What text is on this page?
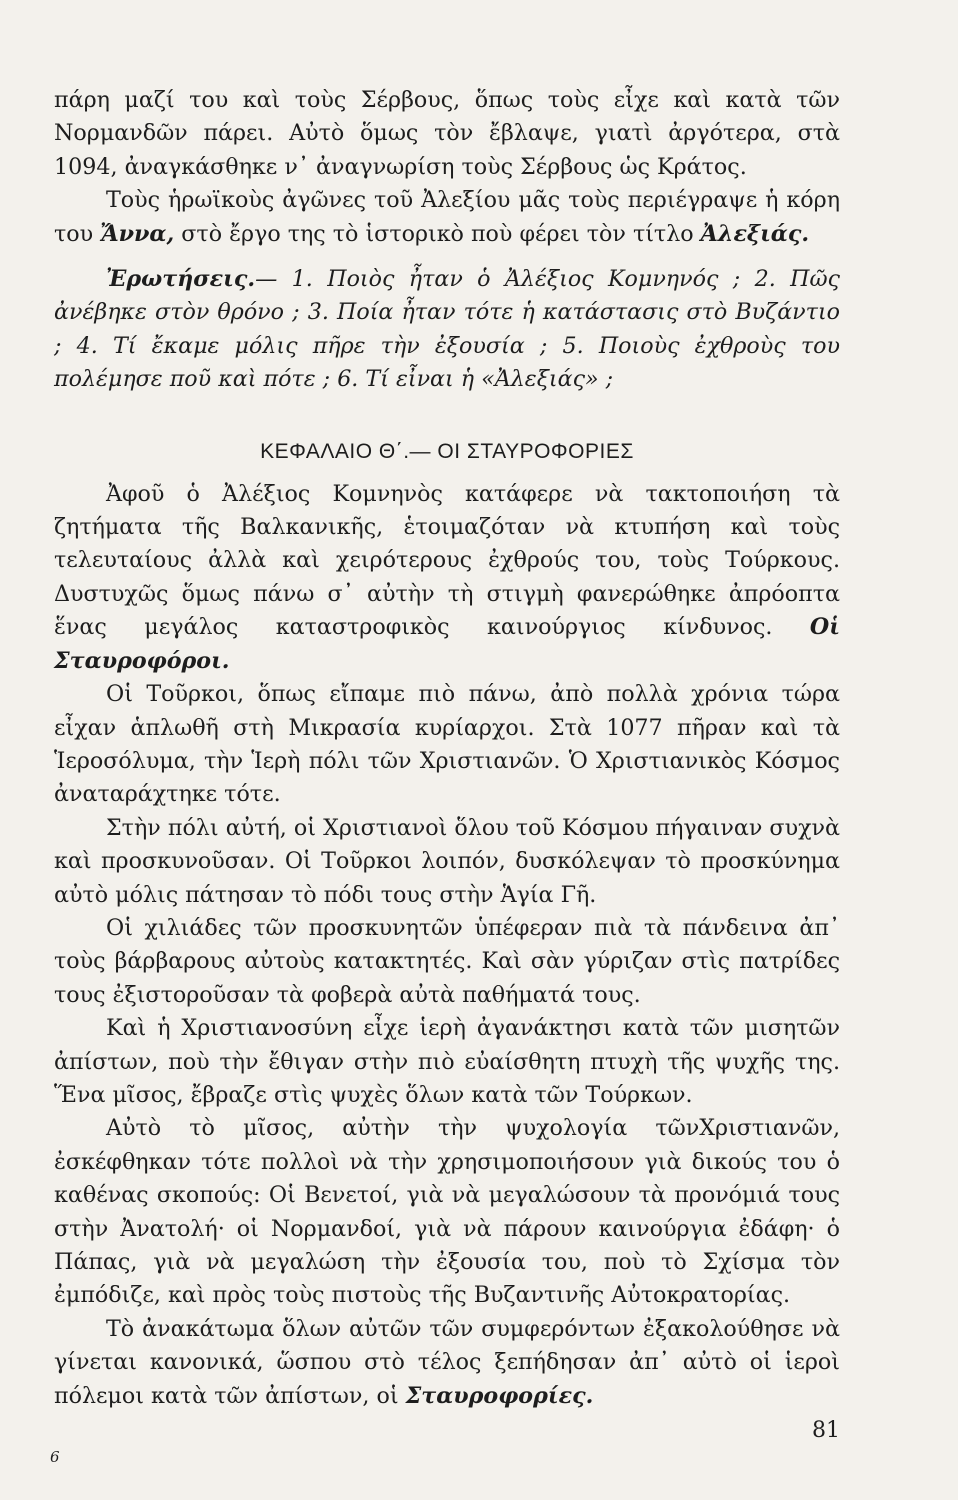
πάρη μαζί του καὶ τοὺς Σέρβους, ὅπως τοὺς εἶχε καὶ κατὰ τῶν Νορμανδῶν πάρει. Αὐτὸ ὅμως τὸν ἔβλαψε, γιατὶ ἀργότερα, στὰ 1094, ἀναγκάσθηκε ν᾽ ἀναγνωρίση τοὺς Σέρβους ὡς Κράτος.

Τοὺς ἡρωϊκοὺς ἀγῶνες τοῦ Ἀλεξίου μᾶς τοὺς περιέγραψε ἡ κόρη του Ἄννα, στὸ ἔργο της τὸ ἱστορικὸ ποὺ φέρει τὸν τίτλο Ἀλεξιάς.

Ἐρωτήσεις.— 1. Ποιὸς ἦταν ὁ Ἀλέξιος Κομνηνός ; 2. Πῶς ἀνέβηκε στὸν θρόνο ; 3. Ποία ἦταν τότε ἡ κατάστασις στὸ Βυζάντιο ; 4. Τί ἔκαμε μόλις πῆρε τὴν ἐξουσία ; 5. Ποιοὺς ἐχθροὺς του πολέμησε ποῦ καὶ πότε ; 6. Τί εἶναι ἡ «Ἀλεξιάς» ;

ΚΕΦΑΛΑΙΟ Θ΄.— ΟΙ ΣΤΑΥΡΟΦΟΡΙΕΣ

Ἀφοῦ ὁ Ἀλέξιος Κομνηνὸς κατάφερε νὰ τακτοποιήση τὰ ζητήματα τῆς Βαλκανικῆς, ἑτοιμαζόταν νὰ κτυπήση καὶ τοὺς τελευταίους ἀλλὰ καὶ χειρότερους ἐχθρούς του, τοὺς Τούρκους. Δυστυχῶς ὅμως πάνω σ᾽ αὐτὴν τὴ στιγμὴ φανερώθηκε ἀπρόοπτα ἕνας μεγάλος καταστροφικὸς καινούργιος κίνδυνος. Οἱ Σταυροφόροι.

Οἱ Τοῦρκοι, ὅπως εἴπαμε πιὸ πάνω, ἀπὸ πολλὰ χρόνια τώρα εἶχαν ἁπλωθῆ στὴ Μικρασία κυρίαρχοι. Στὰ 1077 πῆραν καὶ τὰ Ἱεροσόλυμα, τὴν Ἱερὴ πόλι τῶν Χριστιανῶν. Ὁ Χριστιανικὸς Κόσμος ἀναταράχτηκε τότε.

Στὴν πόλι αὐτή, οἱ Χριστιανοὶ ὅλου τοῦ Κόσμου πήγαιναν συχνὰ καὶ προσκυνοῦσαν. Οἱ Τοῦρκοι λοιπόν, δυσκόλεψαν τὸ προσκύνημα αὐτὸ μόλις πάτησαν τὸ πόδι τους στὴν Ἁγία Γῆ.

Οἱ χιλιάδες τῶν προσκυνητῶν ὑπέφεραν πιὰ τὰ πάνδεινα ἀπ᾽ τοὺς βάρβαρους αὐτοὺς κατακτητές. Καὶ σὰν γύριζαν στὶς πατρίδες τους ἐξιστοροῦσαν τὰ φοβερὰ αὐτὰ παθήματά τους.

Καὶ ἡ Χριστιανοσύνη εἶχε ἱερὴ ἀγανάκτησι κατὰ τῶν μισητῶν ἀπίστων, ποὺ τὴν ἔθιγαν στὴν πιὸ εὐαίσθητη πτυχὴ τῆς ψυχῆς της. Ἕνα μῖσος, ἔβραζε στὶς ψυχὲς ὅλων κατὰ τῶν Τούρκων.

Αὐτὸ τὸ μῖσος, αὐτὴν τὴν ψυχολογία τῶνΧριστιανῶν, ἐσκέφθηκαν τότε πολλοὶ νὰ τὴν χρησιμοποιήσουν γιὰ δικούς του ὁ καθένας σκοπούς: Οἱ Βενετοί, γιὰ νὰ μεγαλώσουν τὰ προνόμιά τους στὴν Ἀνατολή· οἱ Νορμανδοί, γιὰ νὰ πάρουν καινούργια ἐδάφη· ὁ Πάπας, γιὰ νὰ μεγαλώση τὴν ἐξουσία του, ποὺ τὸ Σχίσμα τὸν ἐμπόδιζε, καὶ πρὸς τοὺς πιστοὺς τῆς Βυζαντινῆς Αὐτοκρατορίας.

Τὸ ἀνακάτωμα ὅλων αὐτῶν τῶν συμφερόντων ἐξακολούθησε νὰ γίνεται κανονικά, ὥσπου στὸ τέλος ξεπήδησαν ἀπ᾽ αὐτὸ οἱ ἱεροὶ πόλεμοι κατὰ τῶν ἀπίστων, οἱ Σταυροφορίες.

81
6
